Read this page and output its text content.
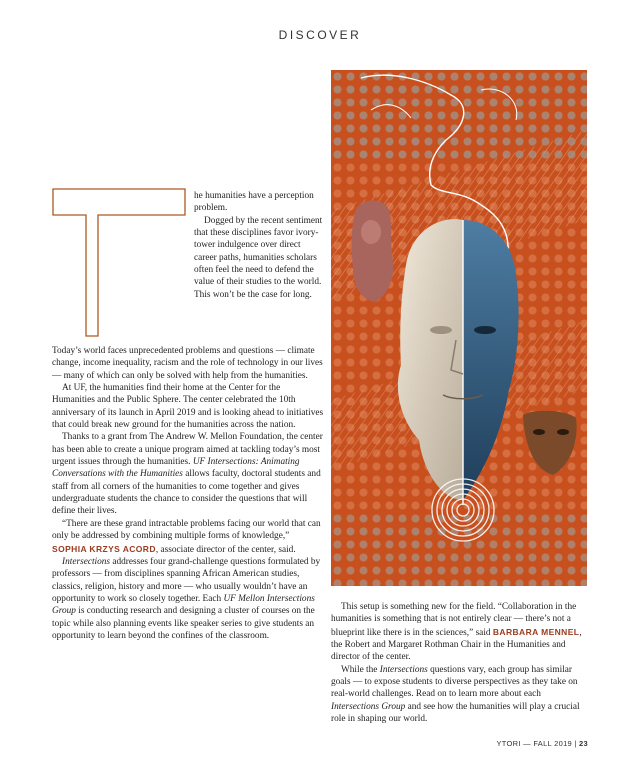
DISCOVER

he humanities have a perception problem.

Dogged by the recent sentiment that these disciplines favor ivory-tower indulgence over direct career paths, humanities scholars often feel the need to defend the value of their studies to the world. This won’t be the case for long.

Today’s world faces unprecedented problems and questions — climate change, income inequality, racism and the role of technology in our lives — many of which can only be solved with help from the humanities.

At UF, the humanities find their home at the Center for the Humanities and the Public Sphere. The center celebrated the 10th anniversary of its launch in April 2019 and is looking ahead to initiatives that could break new ground for the humanities across the nation.

Thanks to a grant from The Andrew W. Mellon Foundation, the center has been able to create a unique program aimed at tackling today’s most urgent issues through the humanities. UF Intersections: Animating Conversations with the Humanities allows faculty, doctoral students and staff from all corners of the humanities to come together and gives undergraduate students the chance to consider the questions that will define their lives.

“There are these grand intractable problems facing our world that can only be addressed by combining multiple forms of knowledge,” SOPHIA KRZYS ACORD, associate director of the center, said.

Intersections addresses four grand-challenge questions formulated by professors — from disciplines spanning African American studies, classics, religion, history and more — who usually wouldn’t have an opportunity to work so closely together. Each UF Mellon Intersections Group is conducting research and designing a cluster of courses on the topic while also planning events like speaker series to give students an opportunity to learn beyond the confines of the classroom.

This setup is something new for the field. “Collaboration in the humanities is something that is not entirely clear — there’s not a blueprint like there is in the sciences,” said BARBARA MENNEL, the Robert and Margaret Rothman Chair in the Humanities and director of the center.

While the Intersections questions vary, each group has similar goals — to expose students to diverse perspectives as they take on real-world challenges. Read on to learn more about each Intersections Group and see how the humanities will play a crucial role in shaping our world.

YTORI — FALL 2019 | 23
